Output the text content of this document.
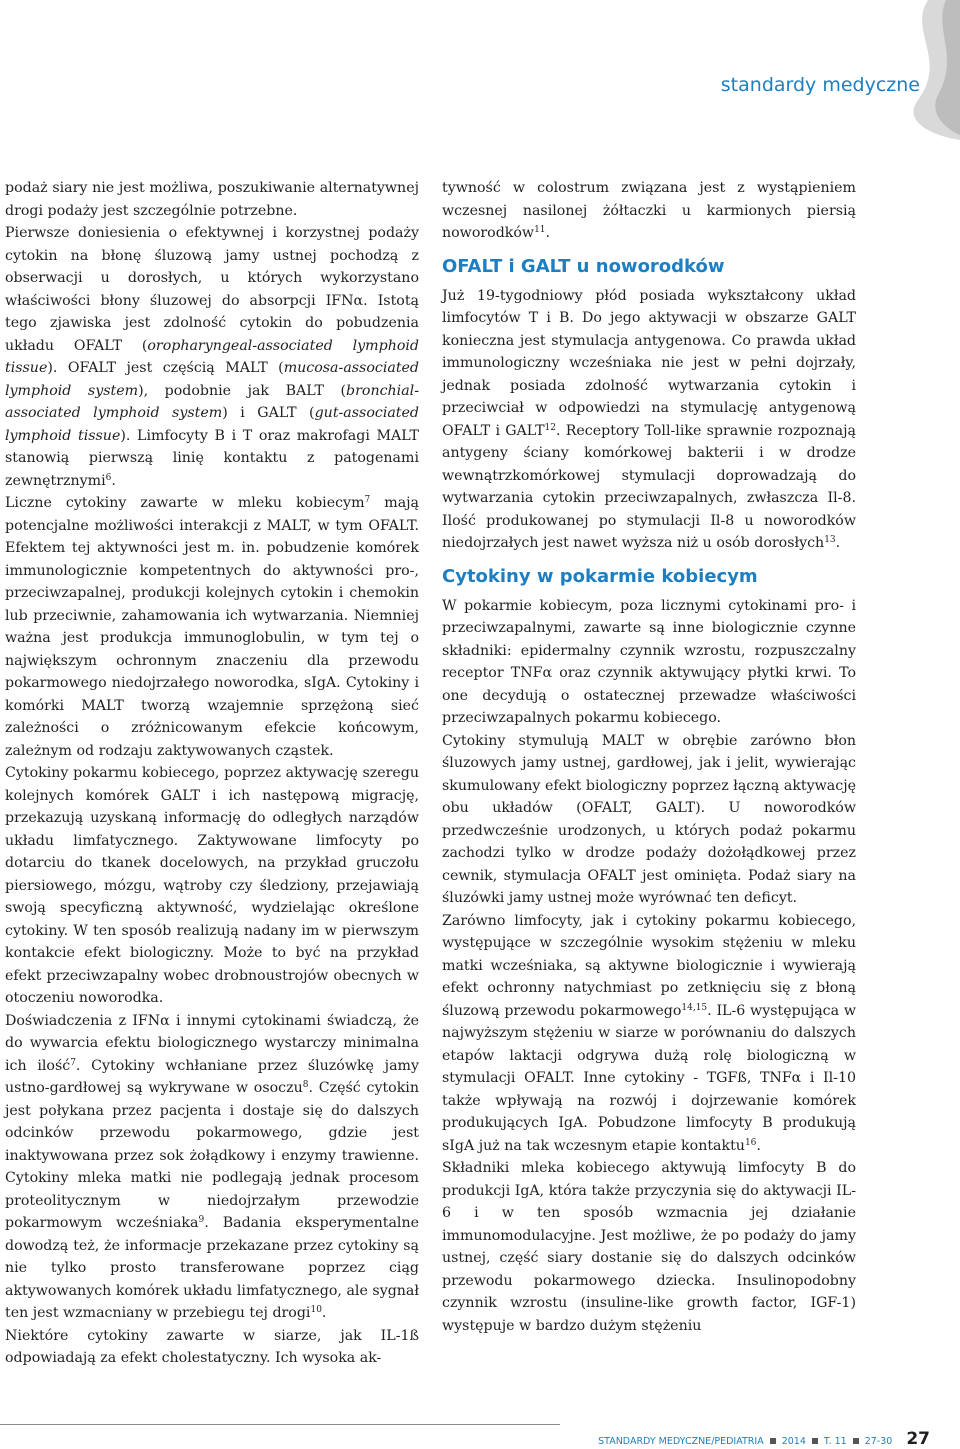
standardy medyczne

podaż siary nie jest możliwa, poszukiwanie alternatywnej drogi podaży jest szczególnie potrzebne.

Pierwsze doniesienia o efektywnej i korzystnej podaży cytokin na błonę śluzową jamy ustnej pochodzą z obserwacji u dorosłych, u których wykorzystano właściwości błony śluzowej do absorpcji IFNα. Istotą tego zjawiska jest zdolność cytokin do pobudzenia układu OFALT (oropharyngeal-associated lymphoid tissue). OFALT jest częścią MALT (mucosa-associated lymphoid system), podobnie jak BALT (bronchial-associated lymphoid system) i GALT (gut-associated lymphoid tissue). Limfocyty B i T oraz makrofagi MALT stanowią pierwszą linię kontaktu z patogenami zewnętrznymi$^6$.

Liczne cytokiny zawarte w mleku kobiecym$^7$ mają potencjalne możliwości interakcji z MALT, w tym OFALT. Efektem tej aktywności jest m. in. pobudzenie komórek immunologicznie kompetentnych do aktywności pro-, przeciwzapalnej, produkcji kolejnych cytokin i chemokin lub przeciwnie, zahamowania ich wytwarzania. Niemniej ważna jest produkcja immunoglobulin, w tym tej o największym ochronnym znaczeniu dla przewodu pokarmowego niedojrzałego noworodka, sIgA. Cytokiny i komórki MALT tworzą wzajemnie sprzężoną sieć zależności o zróżnicowanym efekcie końcowym, zależnym od rodzaju zaktywowanych cząstek.

Cytokiny pokarmu kobiecego, poprzez aktywację szeregu kolejnych komórek GALT i ich następową migrację, przekazują uzyskaną informację do odległych narządów układu limfatycznego. Zaktywowane limfocyty po dotarciu do tkanek docelowych, na przykład gruczołu piersiowego, mózgu, wątroby czy śledziony, przejawiają swoją specyficzną aktywność, wydzielając określone cytokiny. W ten sposób realizują nadany im w pierwszym kontakcie efekt biologiczny. Może to być na przykład efekt przeciwzapalny wobec drobnoustrojów obecnych w otoczeniu noworodka.

Doświadczenia z IFNα i innymi cytokinami świadczą, że do wywarcia efektu biologicznego wystarczy minimalna ich ilość$^7$. Cytokiny wchłaniane przez śluzówkę jamy ustno-gardłowej są wykrywane w osoczu$^8$. Część cytokin jest połykana przez pacjenta i dostaje się do dalszych odcinków przewodu pokarmowego, gdzie jest inaktywowana przez sok żołądkowy i enzymy trawienne. Cytokiny mleka matki nie podlegają jednak procesom proteolitycznym w niedojrzałym przewodzie pokarmowym wcześniaka$^9$. Badania eksperymentalne dowodzą też, że informacje przekazane przez cytokiny są nie tylko prosto transferowane poprzez ciąg aktywowanych komórek układu limfatycznego, ale sygnał ten jest wzmacniany w przebiegu tej drogi$^{10}$.

Niektóre cytokiny zawarte w siarze, jak IL-1ß odpowiadają za efekt cholestatyczny. Ich wysoka ak-

tywność w colostrum związana jest z wystąpieniem wczesnej nasilonej żółtaczki u karmionych piersią noworodków$^{11}$.

OFALT i GALT u noworodków

Już 19-tygodniowy płód posiada wykształcony układ limfocytów T i B. Do jego aktywacji w obszarze GALT konieczna jest stymulacja antygenowa. Co prawda układ immunologiczny wcześniaka nie jest w pełni dojrzały, jednak posiada zdolność wytwarzania cytokin i przeciwciał w odpowiedzi na stymulację antygenową OFALT i GALT$^{12}$. Receptory Toll-like sprawnie rozpoznają antygeny ściany komórkowej bakterii i w drodze wewnątrzkomórkowej stymulacji doprowadzają do wytwarzania cytokin przeciwzapalnych, zwłaszcza Il-8. Ilość produkowanej po stymulacji Il-8 u noworodków niedojrzałych jest nawet wyższa niż u osób dorosłych$^{13}$.

Cytokiny w pokarmie kobiecym

W pokarmie kobiecym, poza licznymi cytokinami pro- i przeciwzapalnymi, zawarte są inne biologicznie czynne składniki: epidermalny czynnik wzrostu, rozpuszczalny receptor TNFα oraz czynnik aktywujący płytki krwi. To one decydują o ostatecznej przewadze właściwości przeciwzapalnych pokarmu kobiecego.

Cytokiny stymulują MALT w obrębie zarówno błon śluzowych jamy ustnej, gardłowej, jak i jelit, wywierając skumulowany efekt biologiczny poprzez łączną aktywację obu układów (OFALT, GALT). U noworodków przedwcześnie urodzonych, u których podaż pokarmu zachodzi tylko w drodze podaży dożołądkowej przez cewnik, stymulacja OFALT jest ominięta. Podaż siary na śluzówki jamy ustnej może wyrównać ten deficyt.

Zarówno limfocyty, jak i cytokiny pokarmu kobiecego, występujące w szczególnie wysokim stężeniu w mleku matki wcześniaka, są aktywne biologicznie i wywierają efekt ochronny natychmiast po zetknięciu się z błoną śluzową przewodu pokarmowego$^{14,15}$. IL-6 występująca w najwyższym stężeniu w siarze w porównaniu do dalszych etapów laktacji odgrywa dużą rolę biologiczną w stymulacji OFALT. Inne cytokiny - TGFß, TNFα i Il-10 także wpływają na rozwój i dojrzewanie komórek produkujących IgA. Pobudzone limfocyty B produkują sIgA już na tak wczesnym etapie kontaktu$^{16}$.

Składniki mleka kobiecego aktywują limfocyty B do produkcji IgA, która także przyczynia się do aktywacji IL-6 i w ten sposób wzmacnia jej działanie immunomodulacyjne. Jest możliwe, że po podaży do jamy ustnej, część siary dostanie się do dalszych odcinków przewodu pokarmowego dziecka. Insulinopodobny czynnik wzrostu (insuline-like growth factor, IGF-1) występuje w bardzo dużym stężeniu

STANDARDY MEDYCZNE/PEDIATRIA 2014 T. 11 27-30 27
